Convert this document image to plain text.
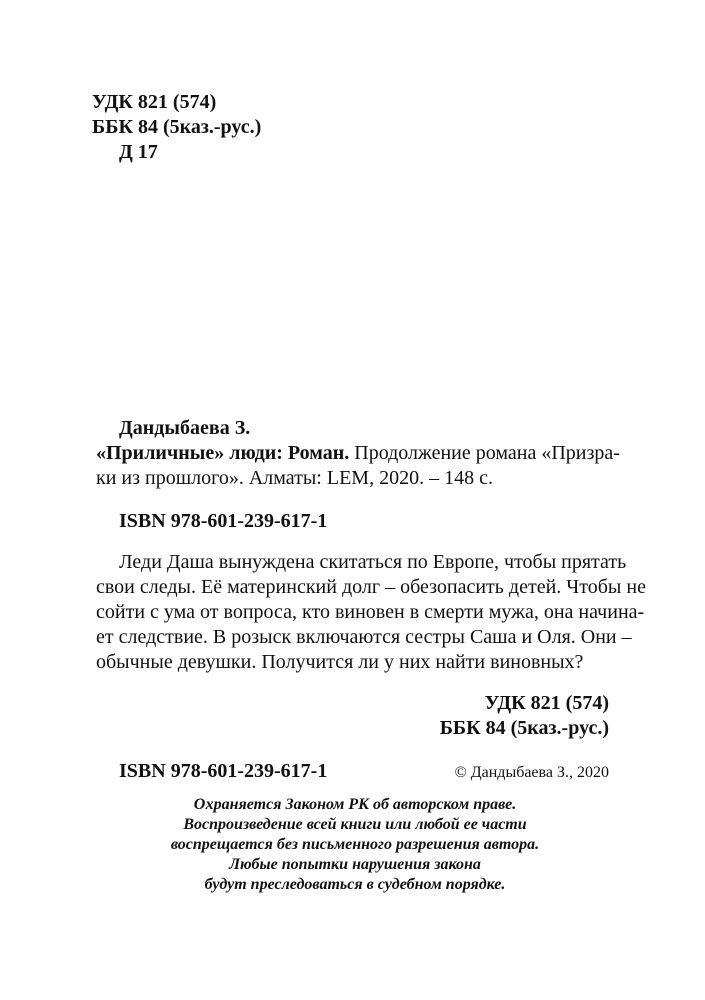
УДК 821 (574)
ББК 84 (5каз.-рус.)
Д 17
Дандыбаева З.
«Приличные» люди: Роман. Продолжение романа «Призра-
ки из прошлого». Алматы: LEM, 2020. – 148 с.
ISBN 978-601-239-617-1
Леди Даша вынуждена скитаться по Европе, чтобы прятать
свои следы. Её материнский долг – обезопасить детей. Чтобы не
сойти с ума от вопроса, кто виновен в смерти мужа, она начина-
ет следствие. В розыск включаются сестры Саша и Оля. Они –
обычные девушки. Получится ли у них найти виновных?
УДК 821 (574)
ББК 84 (5каз.-рус.)
ISBN 978-601-239-617-1	© Дандыбаева З., 2020
Охраняется Законом РК об авторском праве.
Воспроизведение всей книги или любой ее части
воспрещается без письменного разрешения автора.
Любые попытки нарушения закона
будут преследоваться в судебном порядке.
